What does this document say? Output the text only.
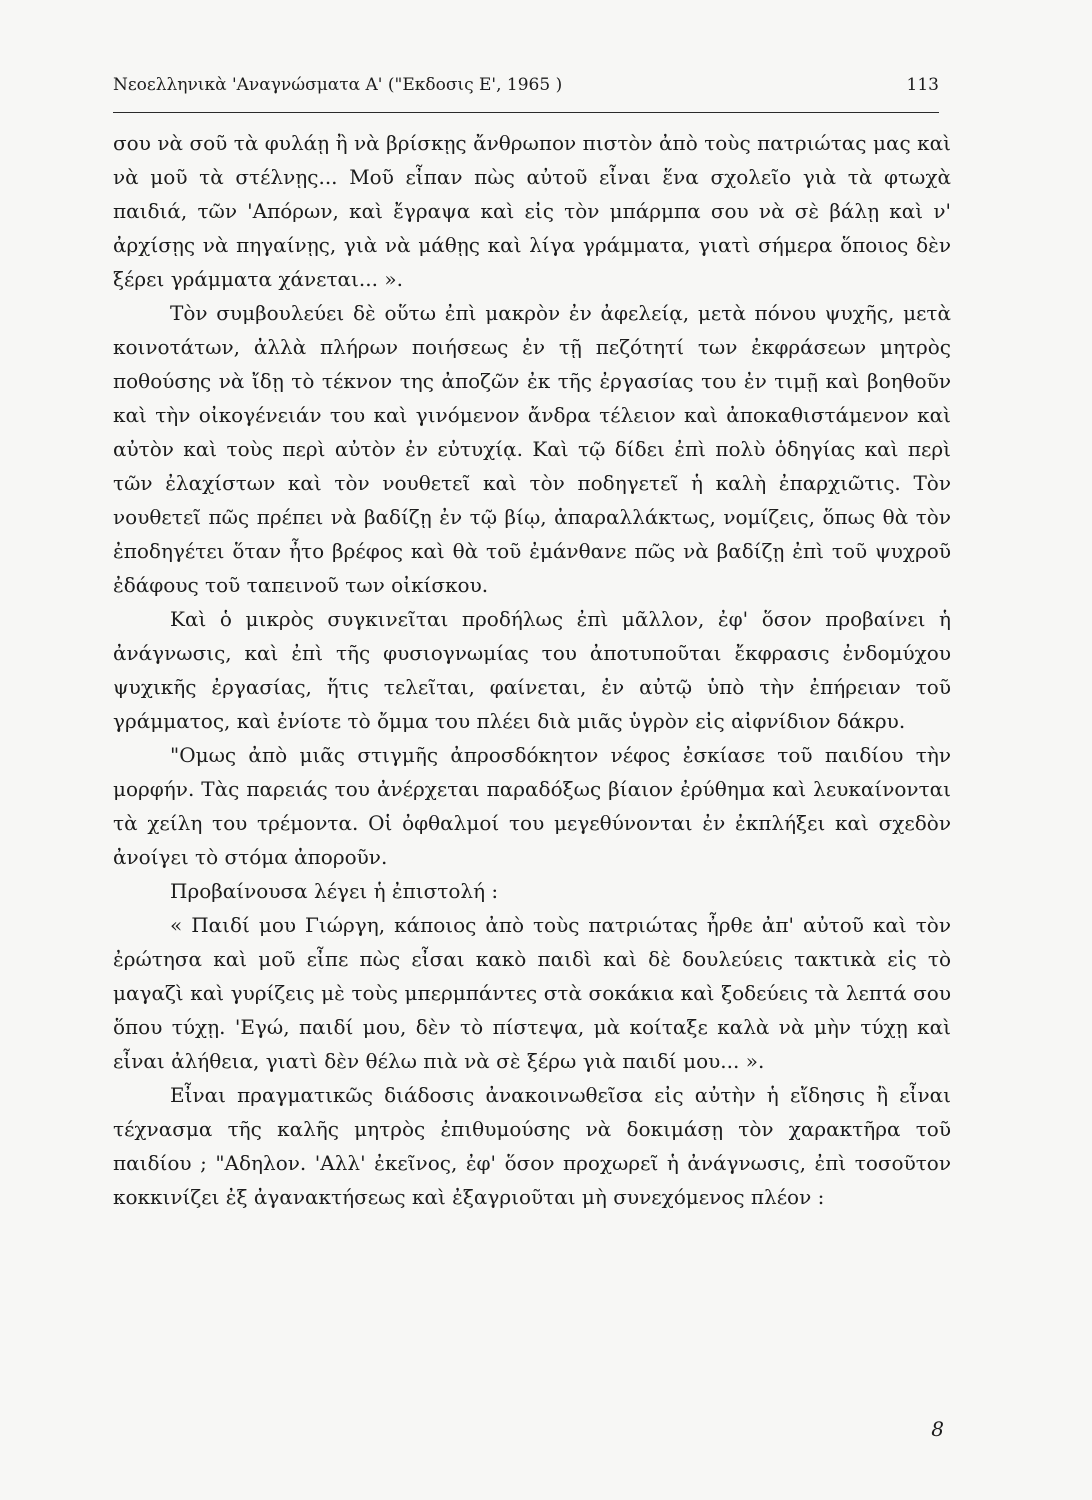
Νεοελληνικὰ 'Αναγνώσματα Α' ("Εκδοσις Ε', 1965 )	113

σου νὰ σοῦ τὰ φυλάῃ ἢ νὰ βρίσκῃς ἄνθρωπον πιστὸν ἀπὸ τοὺς πατριώτας μας καὶ νὰ μοῦ τὰ στέλνῃς... Μοῦ εἶπαν πὼς αὐτοῦ εἶναι ἕνα σχολεῖο γιὰ τὰ φτωχὰ παιδιά, τῶν 'Απόρων, καὶ ἔγραψα καὶ εἰς τὸν μπάρμπα σου νὰ σὲ βάλῃ καὶ ν' ἀρχίσῃς νὰ πηγαίνῃς, γιὰ νὰ μάθῃς καὶ λίγα γράμματα, γιατὶ σήμερα ὅποιος δὲν ξέρει γράμματα χάνεται... ».

Τὸν συμβουλεύει δὲ οὕτω ἐπὶ μακρὸν ἐν ἀφελείᾳ, μετὰ πόνου ψυχῆς, μετὰ κοινοτάτων, ἀλλὰ πλήρων ποιήσεως ἐν τῇ πεζότητί των ἐκφράσεων μητρὸς ποθούσης νὰ ἴδῃ τὸ τέκνον της ἀποζῶν ἐκ τῆς ἐργασίας του ἐν τιμῇ καὶ βοηθοῦν καὶ τὴν οἰκογένειάν του καὶ γινόμενον ἄνδρα τέλειον καὶ ἀποκαθιστάμενον καὶ αὐτὸν καὶ τοὺς περὶ αὐτὸν ἐν εὐτυχίᾳ. Καὶ τῷ δίδει ἐπὶ πολὺ ὁδηγίας καὶ περὶ τῶν ἐλαχίστων καὶ τὸν νουθετεῖ καὶ τὸν ποδηγετεῖ ἡ καλὴ ἐπαρχιῶτις. Τὸν νουθετεῖ πῶς πρέπει νὰ βαδίζῃ ἐν τῷ βίῳ, ἀπαραλλάκτως, νομίζεις, ὅπως θὰ τὸν ἐποδηγέτει ὅταν ἦτο βρέφος καὶ θὰ τοῦ ἐμάνθανε πῶς νὰ βαδίζῃ ἐπὶ τοῦ ψυχροῦ ἐδάφους τοῦ ταπεινοῦ των οἰκίσκου.

Καὶ ὁ μικρὸς συγκινεῖται προδήλως ἐπὶ μᾶλλον, ἐφ' ὅσον προβαίνει ἡ ἀνάγνωσις, καὶ ἐπὶ τῆς φυσιογνωμίας του ἀποτυποῦται ἔκφρασις ἐνδομύχου ψυχικῆς ἐργασίας, ἥτις τελεῖται, φαίνεται, ἐν αὐτῷ ὑπὸ τὴν ἐπήρειαν τοῦ γράμματος, καὶ ἐνίοτε τὸ ὄμμα του πλέει διὰ μιᾶς ὑγρὸν εἰς αἰφνίδιον δάκρυ.

"Ομως ἀπὸ μιᾶς στιγμῆς ἀπροσδόκητον νέφος ἐσκίασε τοῦ παιδίου τὴν μορφήν. Τὰς παρειάς του ἀνέρχεται παραδόξως βίαιον ἐρύθημα καὶ λευκαίνονται τὰ χείλη του τρέμοντα. Οἱ ὀφθαλμοί του μεγεθύνονται ἐν ἐκπλήξει καὶ σχεδὸν ἀνοίγει τὸ στόμα ἀποροῦν.

Προβαίνουσα λέγει ἡ ἐπιστολή :

« Παιδί μου Γιώργη, κάποιος ἀπὸ τοὺς πατριώτας ἦρθε ἀπ' αὐτοῦ καὶ τὸν ἐρώτησα καὶ μοῦ εἶπε πὼς εἶσαι κακὸ παιδὶ καὶ δὲ δουλεύεις τακτικὰ εἰς τὸ μαγαζὶ καὶ γυρίζεις μὲ τοὺς μπερμπάντες στὰ σοκάκια καὶ ξοδεύεις τὰ λεπτά σου ὅπου τύχῃ. 'Εγώ, παιδί μου, δὲν τὸ πίστεψα, μὰ κοίταξε καλὰ νὰ μὴν τύχῃ καὶ εἶναι ἀλήθεια, γιατὶ δὲν θέλω πιὰ νὰ σὲ ξέρω γιὰ παιδί μου... ».

Εἶναι πραγματικῶς διάδοσις ἀνακοινωθεῖσα εἰς αὐτὴν ἡ εἴδησις ἢ εἶναι τέχνασμα τῆς καλῆς μητρὸς ἐπιθυμούσης νὰ δοκιμάσῃ τὸν χαρακτῆρα τοῦ παιδίου ; "Αδηλον. 'Αλλ' ἐκεῖνος, ἐφ' ὅσον προχωρεῖ ἡ ἀνάγνωσις, ἐπὶ τοσοῦτον κοκκινίζει ἐξ ἀγανακτήσεως καὶ ἐξαγριοῦται μὴ συνεχόμενος πλέον :

8
